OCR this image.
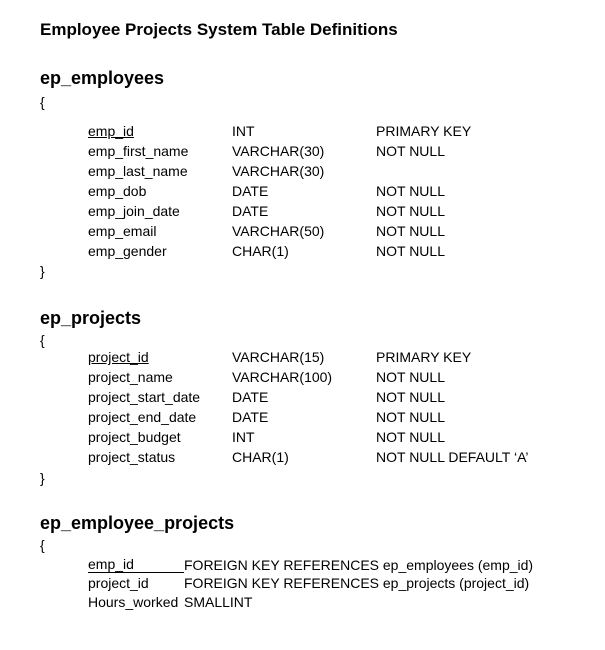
Employee Projects System Table Definitions
ep_employees
{
emp_id	INT	PRIMARY KEY
emp_first_name	VARCHAR(30)	NOT NULL
emp_last_name	VARCHAR(30)
emp_dob	DATE	NOT NULL
emp_join_date	DATE	NOT NULL
emp_email	VARCHAR(50)	NOT NULL
emp_gender	CHAR(1)	NOT NULL
}
ep_projects
{
project_id	VARCHAR(15)	PRIMARY KEY
project_name	VARCHAR(100)	NOT NULL
project_start_date DATE	NOT NULL
project_end_date	DATE	NOT NULL
project_budget	INT	NOT NULL
project_status	CHAR(1)	NOT NULL DEFAULT ‘A’
}
ep_employee_projects
{
emp_id	FOREIGN KEY REFERENCES ep_employees (emp_id)
project_id	FOREIGN KEY REFERENCES ep_projects (project_id)
Hours_worked SMALLINT
